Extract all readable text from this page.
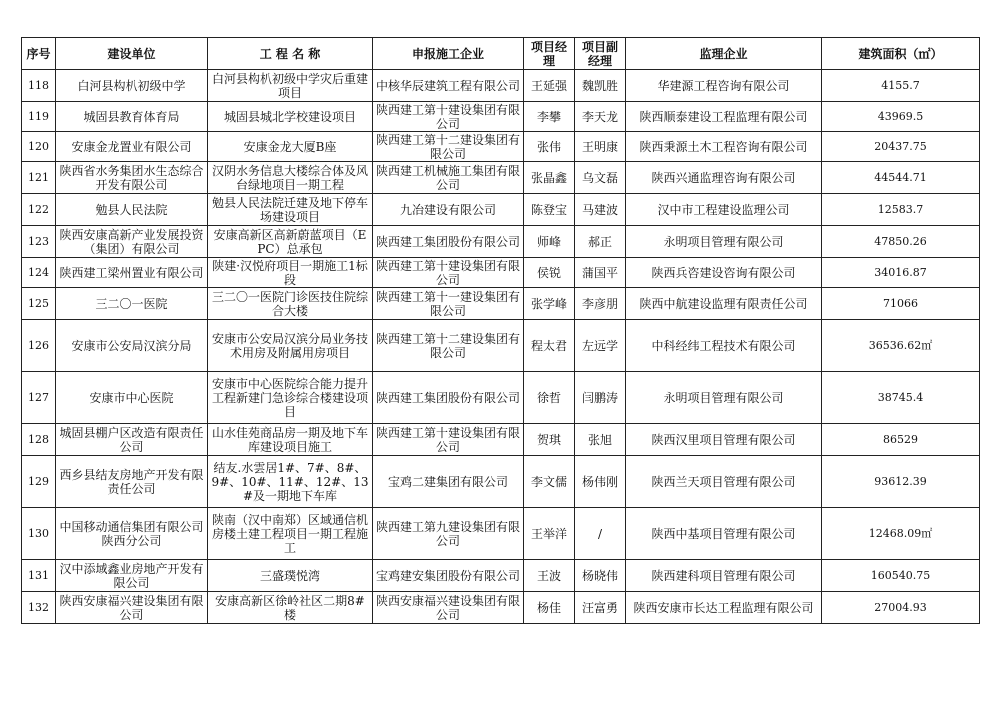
序号	建设单位	工 程 名 称	申报施工企业	项目经理	项目副经理	监理企业	建筑面积（㎡）
118	白河县构朳初级中学	白河县构朳初级中学灾后重建项目	中核华辰建筑工程有限公司	王延强	魏凯胜	华建源工程咨询有限公司	4155.7
119	城固县教育体育局	城固县城北学校建设项目	陕西建工第十建设集团有限公司	李攀	李天龙	陕西顺泰建设工程监理有限公司	43969.5
120	安康金龙置业有限公司	安康金龙大厦B座	陕西建工第十二建设集团有限公司	张伟	王明康	陕西秉源土木工程咨询有限公司	20437.75
121	陕西省水务集团水生态综合开发有限公司	汉阴水务信息大楼综合体及风台绿地项目一期工程	陕西建工机械施工集团有限公司	张晶鑫	乌文磊	陕西兴通监理咨询有限公司	44544.71
122	勉县人民法院	勉县人民法院迁建及地下停车场建设项目	九冶建设有限公司	陈登宝	马建波	汉中市工程建设监理公司	12583.7
123	陕西安康高新产业发展投资（集团）有限公司	安康高新区高新蔚蓝项目（EPC）总承包	陕西建工集团股份有限公司	师峰	郝正	永明项目管理有限公司	47850.26
124	陕西建工梁州置业有限公司	陕建·汉悦府项目一期施工1标段	陕西建工第十建设集团有限公司	侯锐	蒲国平	陕西兵咨建设咨询有限公司	34016.87
125	三二〇一医院	三二〇一医院门诊医技住院综合大楼	陕西建工第十一建设集团有限公司	张学峰	李彦朋	陕西中航建设监理有限责任公司	71066
126	安康市公安局汉滨分局	安康市公安局汉滨分局业务技术用房及附属用房项目	陕西建工第十二建设集团有限公司	程太君	左远学	中科经纬工程技术有限公司	36536.62㎡
127	安康市中心医院	安康市中心医院综合能力提升工程新建门急诊综合楼建设项目	陕西建工集团股份有限公司	徐哲	闫鹏涛	永明项目管理有限公司	38745.4
128	城固县棚户区改造有限责任公司	山水佳苑商品房一期及地下车库建设项目施工	陕西建工第十建设集团有限公司	贺琪	张旭	陕西汉里项目管理有限公司	86529
129	西乡县结友房地产开发有限责任公司	结友.水雲居1#、7#、8#、9#、10#、11#、12#、13#及一期地下车库	宝鸡二建集团有限公司	李文儒	杨伟刚	陕西兰天项目管理有限公司	93612.39
130	中国移动通信集团有限公司陕西分公司	陕南（汉中南郑）区域通信机房楼土建工程项目一期工程施工	陕西建工第九建设集团有限公司	王举洋	/	陕西中基项目管理有限公司	12468.09㎡
131	汉中添域鑫业房地产开发有限公司	三盛璞悦湾	宝鸡建安集团股份有限公司	王波	杨晓伟	陕西建科项目管理有限公司	160540.75
132	陕西安康福兴建设集团有限公司	安康高新区徐岭社区二期8#楼	陕西安康福兴建设集团有限公司	杨佳	汪富勇	陕西安康市长达工程监理有限公司	27004.93
